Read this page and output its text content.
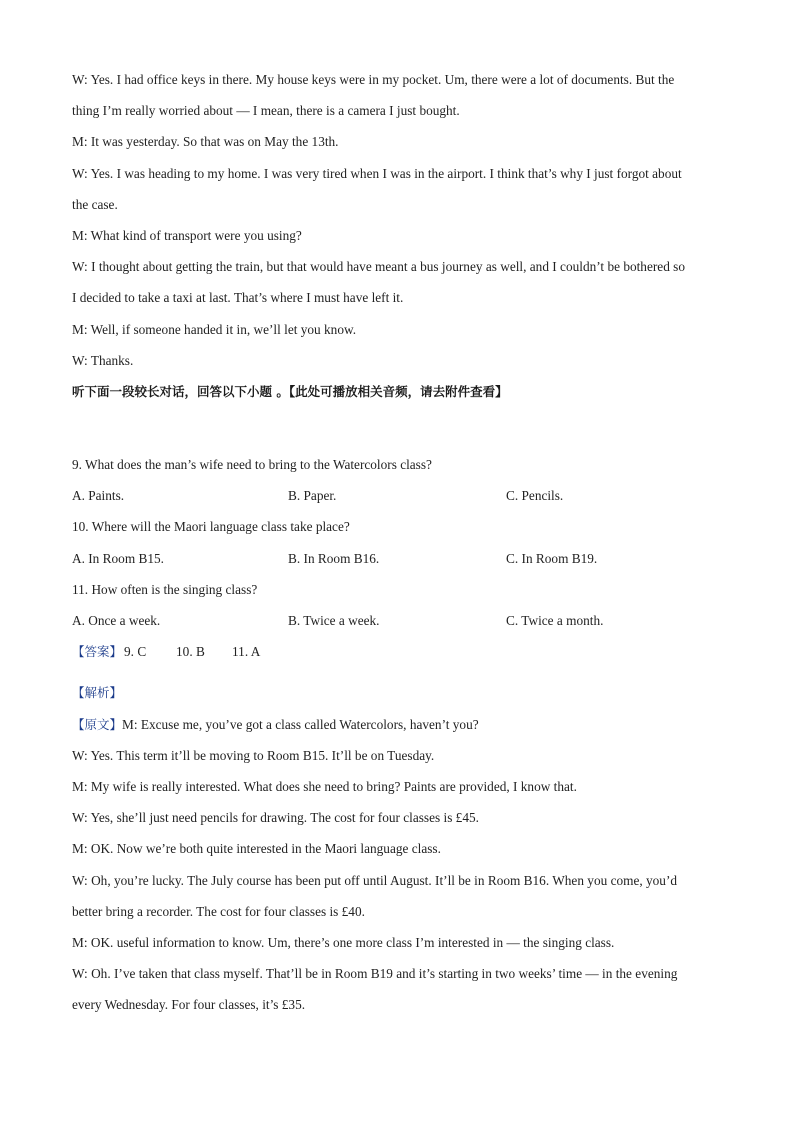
W: Yes. I had office keys in there. My house keys were in my pocket. Um, there were a lot of documents. But the

thing I’m really worried about — I mean, there is a camera I just bought.

M: It was yesterday. So that was on May the 13th.

W: Yes. I was heading to my home. I was very tired when I was in the airport. I think that’s why I just forgot about

the case.

M: What kind of transport were you using?

W: I thought about getting the train, but that would have meant a bus journey as well, and I couldn’t be bothered so

I decided to take a taxi at last. That’s where I must have left it.

M: Well, if someone handed it in, we’ll let you know.

W: Thanks.

听下面一段较长对话，回答以下小题 。【此处可播放相关音频，请去附件查看】

9. What does the man’s wife need to bring to the Watercolors class?

A. Paints.	B. Paper.	C. Pencils.

10. Where will the Maori language class take place?

A. In Room B15.	B. In Room B16.	C. In Room B19.

11. How often is the singing class?

A. Once a week.	B. Twice a week.	C. Twice a month.

【答案】 9. C 10. B 11. A

【解析】

【原文】M: Excuse me, you’ve got a class called Watercolors, haven’t you?

W: Yes. This term it’ll be moving to Room B15. It’ll be on Tuesday.

M: My wife is really interested. What does she need to bring? Paints are provided, I know that.

W: Yes, she’ll just need pencils for drawing. The cost for four classes is £45.

M: OK. Now we’re both quite interested in the Maori language class.

W: Oh, you’re lucky. The July course has been put off until August. It’ll be in Room B16. When you come, you’d

better bring a recorder. The cost for four classes is £40.

M: OK. useful information to know. Um, there’s one more class I’m interested in — the singing class.

W: Oh. I’ve taken that class myself. That’ll be in Room B19 and it’s starting in two weeks’ time — in the evening

every Wednesday. For four classes, it’s £35.
